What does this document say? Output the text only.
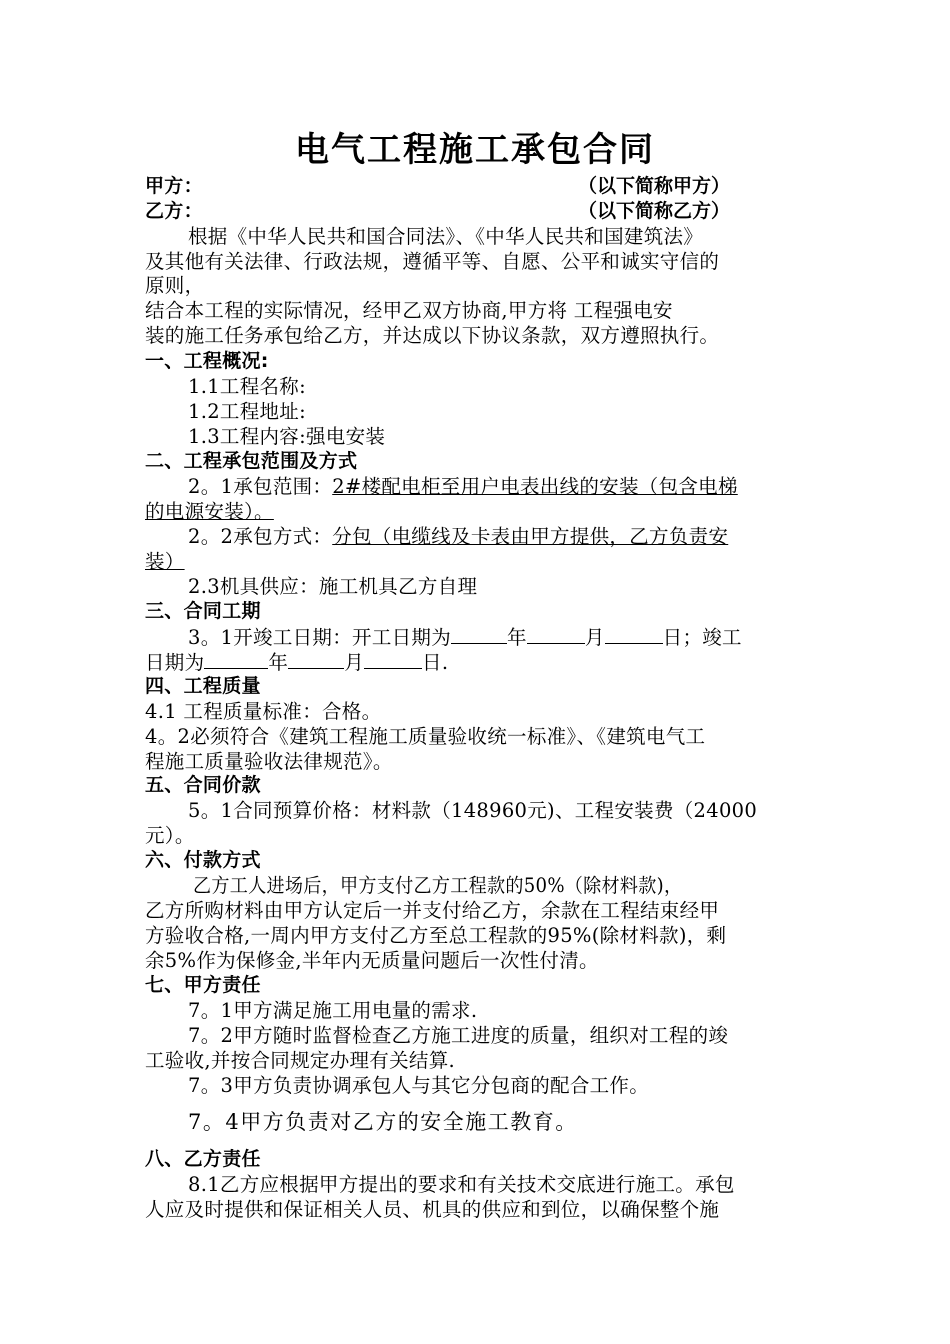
电气工程施工承包合同
甲方：	（以下简称甲方）
乙方：	（以下简称乙方）
根据《中华人民共和国合同法》、《中华人民共和国建筑法》
及其他有关法律、行政法规，遵循平等、自愿、公平和诚实守信的
原则，
结合本工程的实际情况，经甲乙双方协商,甲方将 工程强电安
装的施工任务承包给乙方，并达成以下协议条款，双方遵照执行。
一、工程概况:
1.1工程名称:
1.2工程地址:
1.3工程内容:强电安装
二、工程承包范围及方式
2。1承包范围：2#楼配电柜至用户电表出线的安装（包含电梯
的电源安装）。
2。2承包方式：分包（电缆线及卡表由甲方提供，乙方负责安
装）
2.3机具供应：施工机具乙方自理
三、合同工期
3。1开竣工日期：开工日期为	年	月	日；竣工
日期为	年	月	日.
四、工程质量
4.1 工程质量标准：合格。
4。2必须符合《建筑工程施工质量验收统一标准》、《建筑电气工
程施工质量验收法律规范》。
五、合同价款
5。1合同预算价格：材料款（148960元)、工程安装费（24000
元）。
六、付款方式
乙方工人进场后，甲方支付乙方工程款的50%（除材料款)，
乙方所购材料由甲方认定后一并支付给乙方，余款在工程结束经甲
方验收合格,一周内甲方支付乙方至总工程款的95%(除材料款)，剩
余5%作为保修金,半年内无质量问题后一次性付清。
七、甲方责任
7。1甲方满足施工用电量的需求.
7。2甲方随时监督检查乙方施工进度的质量，组织对工程的竣
工验收,并按合同规定办理有关结算.
7。3甲方负责协调承包人与其它分包商的配合工作。
7。4甲方负责对乙方的安全施工教育。
八、乙方责任
8.1乙方应根据甲方提出的要求和有关技术交底进行施工。承包
人应及时提供和保证相关人员、机具的供应和到位，以确保整个施
